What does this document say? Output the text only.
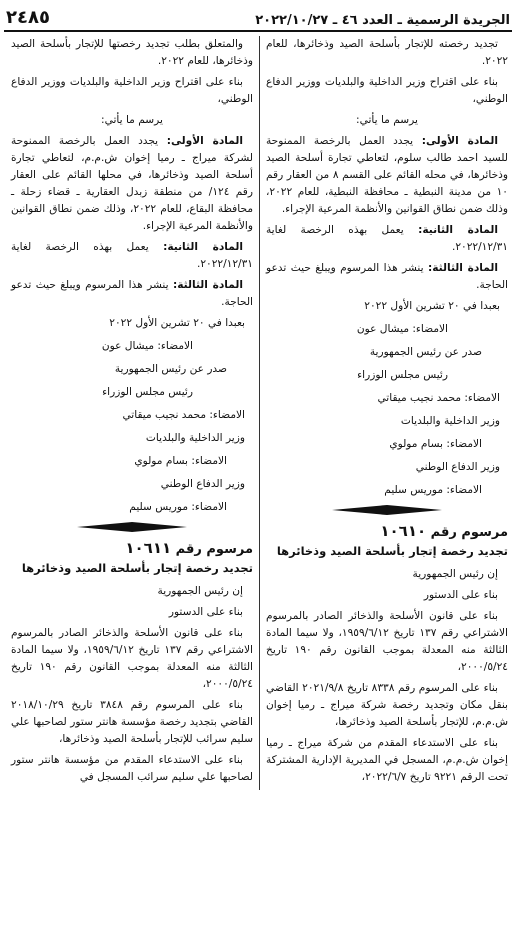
الجريدة الرسمية ـ العدد ٤٦ ـ ٢٠٢٢/١٠/٢٧
٢٤٨٥

تجديد رخصته للإتجار بأسلحة الصيد وذخائرها، للعام ٢٠٢٢.

بناء على اقتراح وزير الداخلية والبلديات ووزير الدفاع الوطني،

يرسم ما يأتي:

المادة الأولى: يجدد العمل بالرخصة الممنوحة للسيد احمد طالب سلوم، لتعاطي تجارة أسلحة الصيد وذخائرها، في محله القائم على القسم ٨ من العقار رقم ١٠ من مدينة النبطية ـ محافظة النبطية، للعام ٢٠٢٢، وذلك ضمن نطاق القوانين والأنظمة المرعية الإجراء.

المادة الثانية: يعمل بهذه الرخصة لغاية ٢٠٢٢/١٢/٣١.

المادة الثالثة: ينشر هذا المرسوم ويبلغ حيث تدعو الحاجة.

بعبدا في ٢٠ تشرين الأول ٢٠٢٢

الامضاء: ميشال عون

صدر عن رئيس الجمهورية

رئيس مجلس الوزراء

الامضاء: محمد نجيب ميقاتي

وزير الداخلية والبلديات

الامضاء: بسام مولوي

وزير الدفاع الوطني

الامضاء: موريس سليم

مرسوم رقم ١٠٦١٠

تجديد رخصة إتجار بأسلحة الصيد وذخائرها

إن رئيس الجمهورية

بناء على الدستور

بناء على قانون الأسلحة والذخائر الصادر بالمرسوم الاشتراعي رقم ١٣٧ تاريخ ١٩٥٩/٦/١٢، ولا سيما المادة الثالثة منه المعدلة بموجب القانون رقم ١٩٠ تاريخ ٢٠٠٠/٥/٢٤،

بناء على المرسوم رقم ٨٣٣٨ تاريخ ٢٠٢١/٩/٨ القاضي بنقل مكان وتجديد رخصة شركة ميراج ـ رميا إخوان ش.م.م، للإتجار بأسلحة الصيد وذخائرها،

بناء على الاستدعاء المقدم من شركة ميراج ـ رميا إخوان ش.م.م، المسجل في المديرية الإدارية المشتركة تحت الرقم ٩٢٢١ تاريخ ٢٠٢٢/٦/٧،

والمتعلق بطلب تجديد رخصتها للإتجار بأسلحة الصيد وذخائرها، للعام ٢٠٢٢.

بناء على اقتراح وزير الداخلية والبلديات ووزير الدفاع الوطني،

يرسم ما يأتي:

المادة الأولى: يجدد العمل بالرخصة الممنوحة لشركة ميراج ـ رميا إخوان ش.م.م، لتعاطي تجارة أسلحة الصيد وذخائرها، في محلها القائم على العقار رقم ١٢٤/ من منطقة زبدل العقارية ـ قضاء زحلة ـ محافظة البقاع، للعام ٢٠٢٢، وذلك ضمن نطاق القوانين والأنظمة المرعية الإجراء.

المادة الثانية: يعمل بهذه الرخصة لغاية ٢٠٢٢/١٢/٣١.

المادة الثالثة: ينشر هذا المرسوم ويبلغ حيث تدعو الحاجة.

بعبدا في ٢٠ تشرين الأول ٢٠٢٢

الامضاء: ميشال عون

صدر عن رئيس الجمهورية

رئيس مجلس الوزراء

الامضاء: محمد نجيب ميقاتي

وزير الداخلية والبلديات

الامضاء: بسام مولوي

وزير الدفاع الوطني

الامضاء: موريس سليم

مرسوم رقم ١٠٦١١

تجديد رخصة إتجار بأسلحة الصيد وذخائرها

إن رئيس الجمهورية

بناء على الدستور

بناء على قانون الأسلحة والذخائر الصادر بالمرسوم الاشتراعي رقم ١٣٧ تاريخ ١٩٥٩/٦/١٢، ولا سيما المادة الثالثة منه المعدلة بموجب القانون رقم ١٩٠ تاريخ ٢٠٠٠/٥/٢٤،

بناء على المرسوم رقم ٣٨٤٨ تاريخ ٢٠١٨/١٠/٢٩ القاضي بتجديد رخصة مؤسسة هانتر ستور لصاحبها علي سليم سرائب للإتجار بأسلحة الصيد وذخائرها،

بناء على الاستدعاء المقدم من مؤسسة هانتر ستور لصاحبها علي سليم سرائب المسجل في
